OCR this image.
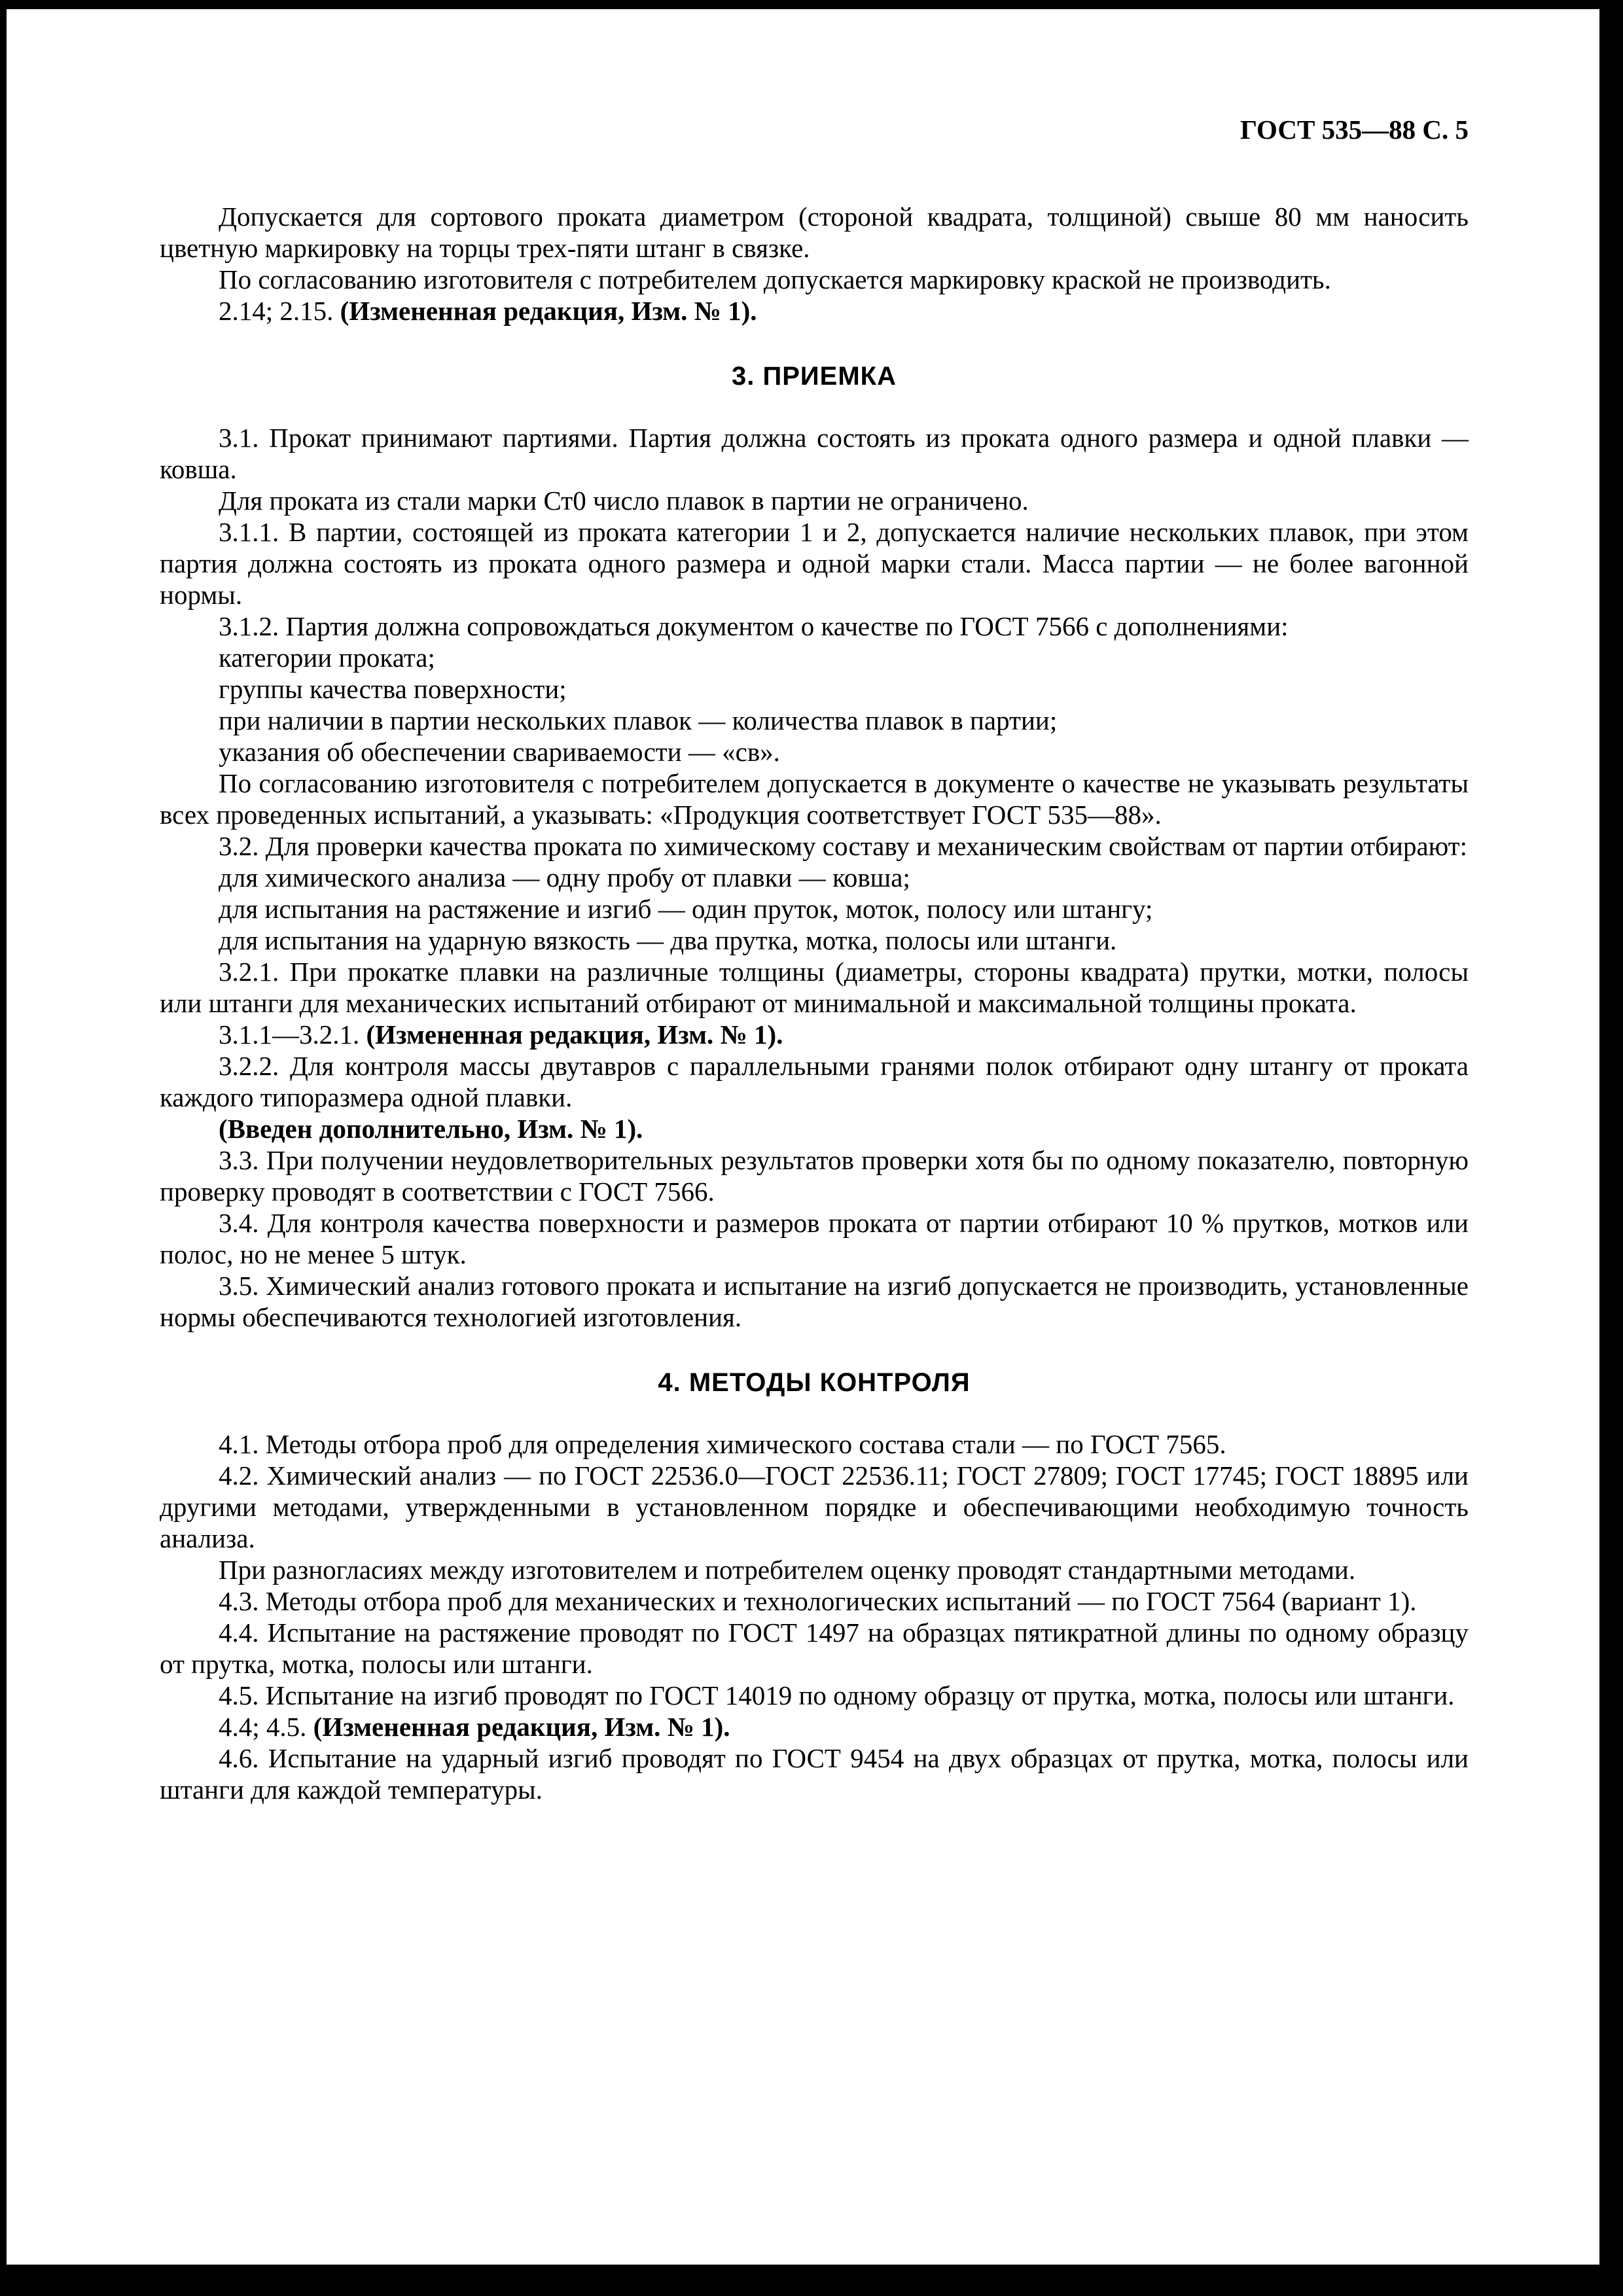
ГОСТ 535—88 С. 5

Допускается для сортового проката диаметром (стороной квадрата, толщиной) свыше 80 мм наносить цветную маркировку на торцы трех-пяти штанг в связке.

По согласованию изготовителя с потребителем допускается маркировку краской не производить.

2.14; 2.15. (Измененная редакция, Изм. № 1).

3. ПРИЕМКА

3.1. Прокат принимают партиями. Партия должна состоять из проката одного размера и одной плавки — ковша.

Для проката из стали марки Ст0 число плавок в партии не ограничено.

3.1.1. В партии, состоящей из проката категории 1 и 2, допускается наличие нескольких плавок, при этом партия должна состоять из проката одного размера и одной марки стали. Масса партии — не более вагонной нормы.

3.1.2. Партия должна сопровождаться документом о качестве по ГОСТ 7566 с дополнениями:

категории проката;

группы качества поверхности;

при наличии в партии нескольких плавок — количества плавок в партии;

указания об обеспечении свариваемости — «св».

По согласованию изготовителя с потребителем допускается в документе о качестве не указывать результаты всех проведенных испытаний, а указывать: «Продукция соответствует ГОСТ 535—88».

3.2. Для проверки качества проката по химическому составу и механическим свойствам от партии отбирают:

для химического анализа — одну пробу от плавки — ковша;

для испытания на растяжение и изгиб — один пруток, моток, полосу или штангу;

для испытания на ударную вязкость — два прутка, мотка, полосы или штанги.

3.2.1. При прокатке плавки на различные толщины (диаметры, стороны квадрата) прутки, мотки, полосы или штанги для механических испытаний отбирают от минимальной и максимальной толщины проката.

3.1.1—3.2.1. (Измененная редакция, Изм. № 1).

3.2.2. Для контроля массы двутавров с параллельными гранями полок отбирают одну штангу от проката каждого типоразмера одной плавки.

(Введен дополнительно, Изм. № 1).

3.3. При получении неудовлетворительных результатов проверки хотя бы по одному показателю, повторную проверку проводят в соответствии с ГОСТ 7566.

3.4. Для контроля качества поверхности и размеров проката от партии отбирают 10 % прутков, мотков или полос, но не менее 5 штук.

3.5. Химический анализ готового проката и испытание на изгиб допускается не производить, установленные нормы обеспечиваются технологией изготовления.

4. МЕТОДЫ КОНТРОЛЯ

4.1. Методы отбора проб для определения химического состава стали — по ГОСТ 7565.

4.2. Химический анализ — по ГОСТ 22536.0—ГОСТ 22536.11; ГОСТ 27809; ГОСТ 17745; ГОСТ 18895 или другими методами, утвержденными в установленном порядке и обеспечивающими необходимую точность анализа.

При разногласиях между изготовителем и потребителем оценку проводят стандартными методами.

4.3. Методы отбора проб для механических и технологических испытаний — по ГОСТ 7564 (вариант 1).

4.4. Испытание на растяжение проводят по ГОСТ 1497 на образцах пятикратной длины по одному образцу от прутка, мотка, полосы или штанги.

4.5. Испытание на изгиб проводят по ГОСТ 14019 по одному образцу от прутка, мотка, полосы или штанги.

4.4; 4.5. (Измененная редакция, Изм. № 1).

4.6. Испытание на ударный изгиб проводят по ГОСТ 9454 на двух образцах от прутка, мотка, полосы или штанги для каждой температуры.
